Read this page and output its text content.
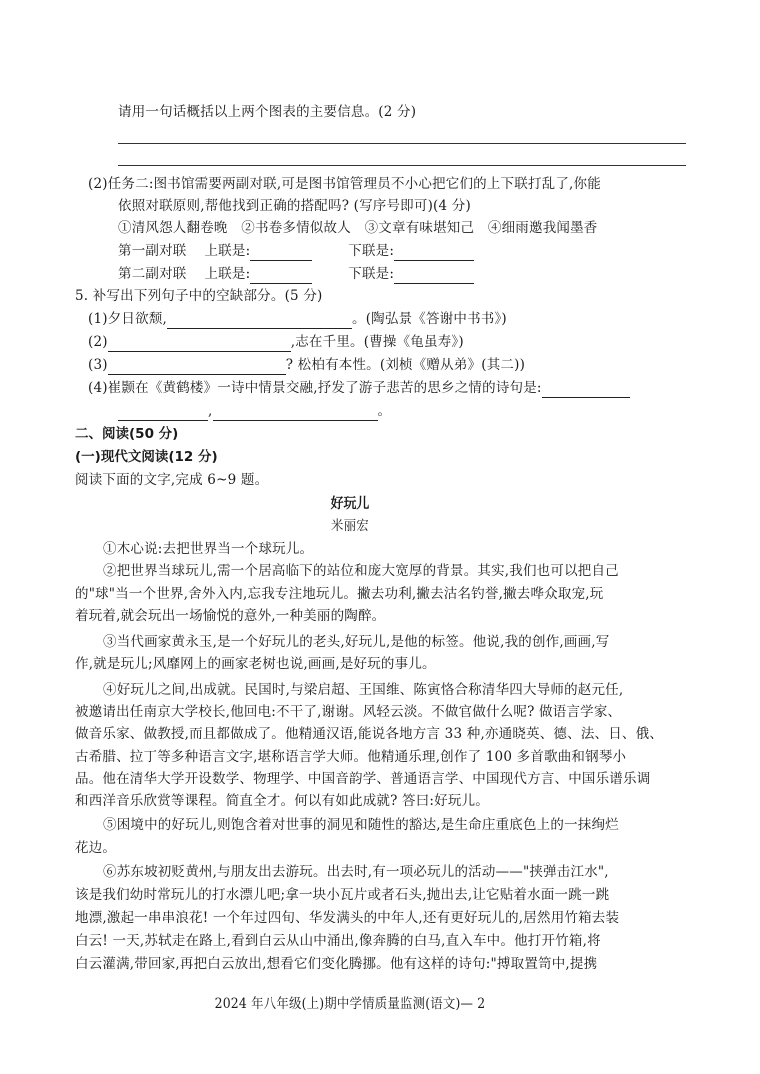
请用一句话概括以上两个图表的主要信息。(2 分)
(2)任务二:图书馆需要两副对联,可是图书馆管理员不小心把它们的上下联打乱了,你能
依照对联原则,帮他找到正确的搭配吗? (写序号即可)(4 分)
①清风怨人翻卷晚　②书卷多情似故人　③文章有味堪知己　④细雨邀我闻墨香
第一副对联 上联是:	下联是:
第二副对联 上联是:	下联是:
5. 补写出下列句子中的空缺部分。(5 分)
(1)夕日欲颓,	。(陶弘景《答谢中书书》)
(2)	,志在千里。(曹操《龟虽寿》)
(3)	? 松柏有本性。(刘桢《赠从弟》(其二))
(4)崔颢在《黄鹤楼》一诗中情景交融,抒发了游子悲苦的思乡之情的诗句是:
,	。
二、阅读(50 分)
(一)现代文阅读(12 分)
阅读下面的文字,完成 6~9 题。
好玩儿
米丽宏
①木心说:去把世界当一个球玩儿。
②把世界当球玩儿,需一个居高临下的站位和庞大宽厚的背景。其实,我们也可以把自己
的"球"当一个世界,舍外入内,忘我专注地玩儿。撇去功利,撇去沽名钓誉,撇去哗众取宠,玩
着玩着,就会玩出一场愉悦的意外,一种美丽的陶醉。
③当代画家黄永玉,是一个好玩儿的老头,好玩儿,是他的标签。他说,我的创作,画画,写
作,就是玩儿;风靡网上的画家老树也说,画画,是好玩的事儿。
④好玩儿之间,出成就。民国时,与梁启超、王国维、陈寅恪合称清华四大导师的赵元任,
被邀请出任南京大学校长,他回电:不干了,谢谢。风轻云淡。不做官做什么呢? 做语言学家、
做音乐家、做教授,而且都做成了。他精通汉语,能说各地方言 33 种,亦通晓英、德、法、日、俄、
古希腊、拉丁等多种语言文字,堪称语言学大师。他精通乐理,创作了 100 多首歌曲和钢琴小
品。他在清华大学开设数学、物理学、中国音韵学、普通语言学、中国现代方言、中国乐谱乐调
和西洋音乐欣赏等课程。简直全才。何以有如此成就? 答曰:好玩儿。
⑤困境中的好玩儿,则饱含着对世事的洞见和随性的豁达,是生命庄重底色上的一抹绚烂
花边。
⑥苏东坡初贬黄州,与朋友出去游玩。出去时,有一项必玩儿的活动——"挟弹击江水",
该是我们幼时常玩儿的打水漂儿吧;拿一块小瓦片或者石头,抛出去,让它贴着水面一跳一跳
地漂,激起一串串浪花! 一个年过四旬、华发满头的中年人,还有更好玩儿的,居然用竹箱去装
白云! 一天,苏轼走在路上,看到白云从山中涌出,像奔腾的白马,直入车中。他打开竹箱,将
白云灌满,带回家,再把白云放出,想看它们变化腾挪。他有这样的诗句:"搏取置笥中,提携
2024 年八年级(上)期中学情质量监测(语文)— 2
